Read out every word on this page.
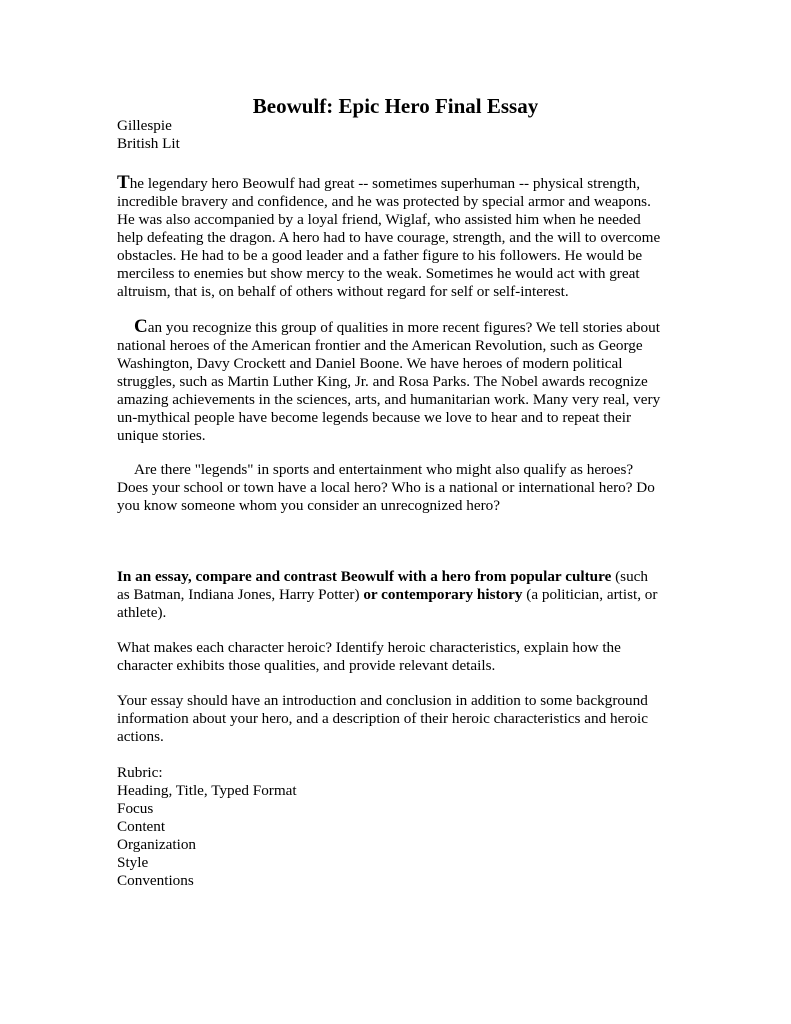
Beowulf: Epic Hero Final Essay

Gillespie

British Lit

The legendary hero Beowulf had great -- sometimes superhuman -- physical strength,
incredible bravery and confidence, and he was protected by special armor and weapons.
He was also accompanied by a loyal friend, Wiglaf, who assisted him when he needed
help defeating the dragon. A hero had to have courage, strength, and the will to overcome
obstacles. He had to be a good leader and a father figure to his followers. He would be
merciless to enemies but show mercy to the weak. Sometimes he would act with great
altruism, that is, on behalf of others without regard for self or self-interest.
Can you recognize this group of qualities in more recent figures? We tell stories about
national heroes of the American frontier and the American Revolution, such as George
Washington, Davy Crockett and Daniel Boone. We have heroes of modern political
struggles, such as Martin Luther King, Jr. and Rosa Parks. The Nobel awards recognize
amazing achievements in the sciences, arts, and humanitarian work. Many very real, very
un-mythical people have become legends because we love to hear and to repeat their
unique stories.
Are there "legends" in sports and entertainment who might also qualify as heroes?
Does your school or town have a local hero? Who is a national or international hero? Do
you know someone whom you consider an unrecognized hero?
In an essay, compare and contrast Beowulf with a hero from popular culture (such
as Batman, Indiana Jones, Harry Potter) or contemporary history (a politician, artist, or
athlete).
What makes each character heroic? Identify heroic characteristics, explain how the
character exhibits those qualities, and provide relevant details.
Your essay should have an introduction and conclusion in addition to some background
information about your hero, and a description of their heroic characteristics and heroic
actions.
Rubric:
Heading, Title, Typed Format
Focus
Content
Organization
Style
Conventions
